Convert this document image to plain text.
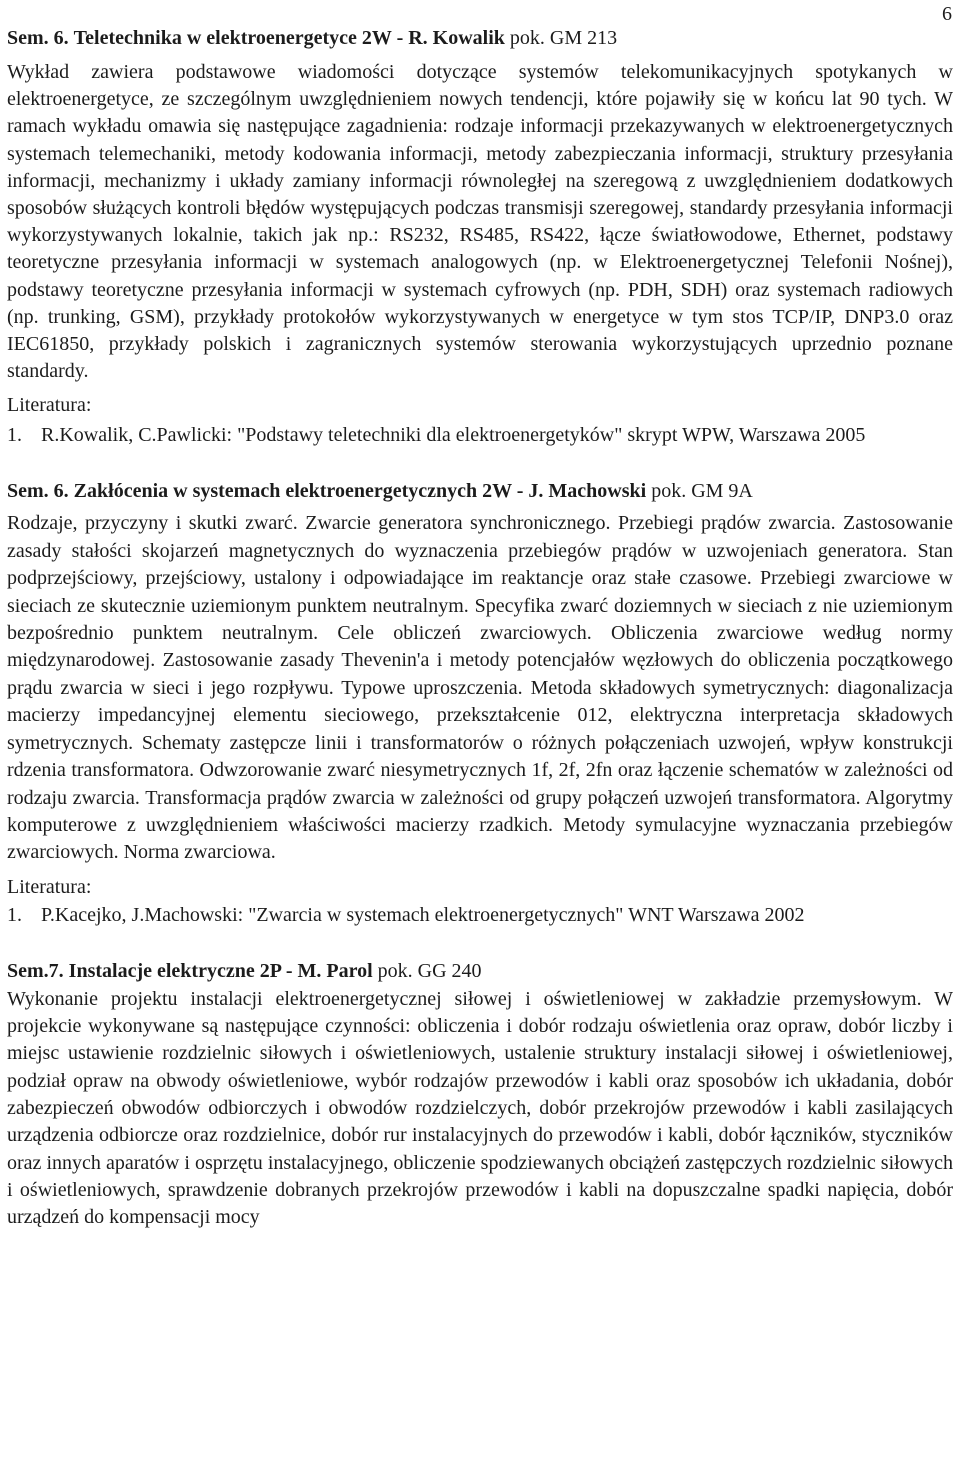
6

Sem. 6. Teletechnika w elektroenergetyce 2W - R. Kowalik pok. GM 213

Wykład zawiera podstawowe wiadomości dotyczące systemów telekomunikacyjnych spotykanych w elektroenergetyce, ze szczególnym uwzględnieniem nowych tendencji, które pojawiły się w końcu lat 90 tych. W ramach wykładu omawia się następujące zagadnienia: rodzaje informacji przekazywanych w elektroenergetycznych systemach telemechaniki, metody kodowania informacji, metody zabezpieczania informacji, struktury przesyłania informacji, mechanizmy i układy zamiany informacji równoległej na szeregową z uwzględnieniem dodatkowych sposobów służących kontroli błędów występujących podczas transmisji szeregowej, standardy przesyłania informacji wykorzystywanych lokalnie, takich jak np.: RS232, RS485, RS422, łącze światłowodowe, Ethernet, podstawy teoretyczne przesyłania informacji w systemach analogowych (np. w Elektroenergetycznej Telefonii Nośnej), podstawy teoretyczne przesyłania informacji w systemach cyfrowych (np. PDH, SDH) oraz systemach radiowych (np. trunking, GSM), przykłady protokołów wykorzystywanych w energetyce w tym stos TCP/IP, DNP3.0 oraz IEC61850, przykłady polskich i zagranicznych systemów sterowania wykorzystujących uprzednio poznane standardy.

Literatura:

1. R.Kowalik, C.Pawlicki: "Podstawy teletechniki dla elektroenergetyków" skrypt WPW, Warszawa 2005

Sem. 6. Zakłócenia w systemach elektroenergetycznych 2W - J. Machowski pok. GM 9A

Rodzaje, przyczyny i skutki zwarć. Zwarcie generatora synchronicznego. Przebiegi prądów zwarcia. Zastosowanie zasady stałości skojarzeń magnetycznych do wyznaczenia przebiegów prądów w uzwojeniach generatora. Stan podprzejściowy, przejściowy, ustalony i odpowiadające im reaktancje oraz stałe czasowe. Przebiegi zwarciowe w sieciach ze skutecznie uziemionym punktem neutralnym. Specyfika zwarć doziemnych w sieciach z nie uziemionym bezpośrednio punktem neutralnym. Cele obliczeń zwarciowych. Obliczenia zwarciowe według normy międzynarodowej. Zastosowanie zasady Thevenin'a i metody potencjałów węzłowych do obliczenia początkowego prądu zwarcia w sieci i jego rozpływu. Typowe uproszczenia. Metoda składowych symetrycznych: diagonalizacja macierzy impedancyjnej elementu sieciowego, przekształcenie 012, elektryczna interpretacja składowych symetrycznych. Schematy zastępcze linii i transformatorów o różnych połączeniach uzwojeń, wpływ konstrukcji rdzenia transformatora. Odwzorowanie zwarć niesymetrycznych 1f, 2f, 2fn oraz łączenie schematów w zależności od rodzaju zwarcia. Transformacja prądów zwarcia w zależności od grupy połączeń uzwojeń transformatora. Algorytmy komputerowe z uwzględnieniem właściwości macierzy rzadkich. Metody symulacyjne wyznaczania przebiegów zwarciowych. Norma zwarciowa.

Literatura:

1. P.Kacejko, J.Machowski: "Zwarcia w systemach elektroenergetycznych" WNT Warszawa 2002

Sem.7. Instalacje elektryczne 2P - M. Parol pok. GG 240

Wykonanie projektu instalacji elektroenergetycznej siłowej i oświetleniowej w zakładzie przemysłowym. W projekcie wykonywane są następujące czynności: obliczenia i dobór rodzaju oświetlenia oraz opraw, dobór liczby i miejsc ustawienie rozdzielnic siłowych i oświetleniowych, ustalenie struktury instalacji siłowej i oświetleniowej, podział opraw na obwody oświetleniowe, wybór rodzajów przewodów i kabli oraz sposobów ich układania, dobór zabezpieczeń obwodów odbiorczych i obwodów rozdzielczych, dobór przekrojów przewodów i kabli zasilających urządzenia odbiorcze oraz rozdzielnice, dobór rur instalacyjnych do przewodów i kabli, dobór łączników, styczników oraz innych aparatów i osprzętu instalacyjnego, obliczenie spodziewanych obciążeń zastępczych rozdzielnic siłowych i oświetleniowych, sprawdzenie dobranych przekrojów przewodów i kabli na dopuszczalne spadki napięcia, dobór urządzeń do kompensacji mocy
